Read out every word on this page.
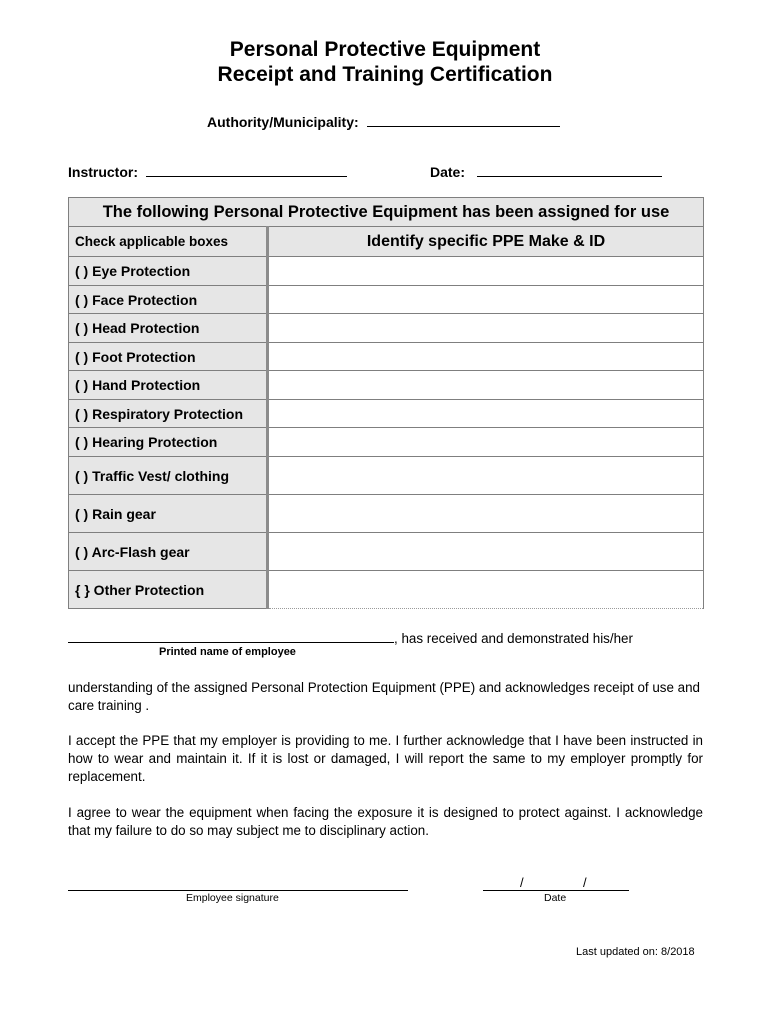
Personal Protective Equipment
Receipt and Training Certification
Authority/Municipality:
Instructor:	Date:
The following Personal Protective Equipment has been assigned for use	
Check applicable boxes	Identify specific PPE Make & ID
( ) Eye Protection	
( ) Face Protection	
( ) Head Protection	
( ) Foot Protection	
( ) Hand Protection	
( ) Respiratory Protection	
( ) Hearing Protection	
( ) Traffic Vest/ clothing	
( ) Rain gear	
( ) Arc-Flash gear	
{ } Other Protection	
, has received and demonstrated his/her
Printed name of employee
understanding of the assigned Personal Protection Equipment (PPE) and acknowledges receipt of use and care training .
I accept the PPE that my employer is providing to me. I further acknowledge that I have been instructed in how to wear and maintain it. If it is lost or damaged, I will report the same to my employer promptly for replacement.
I agree to wear the equipment when facing the exposure it is designed to protect against. I acknowledge that my failure to do so may subject me to disciplinary action.
Employee signature
/	/
Date
Last updated on: 8/2018
